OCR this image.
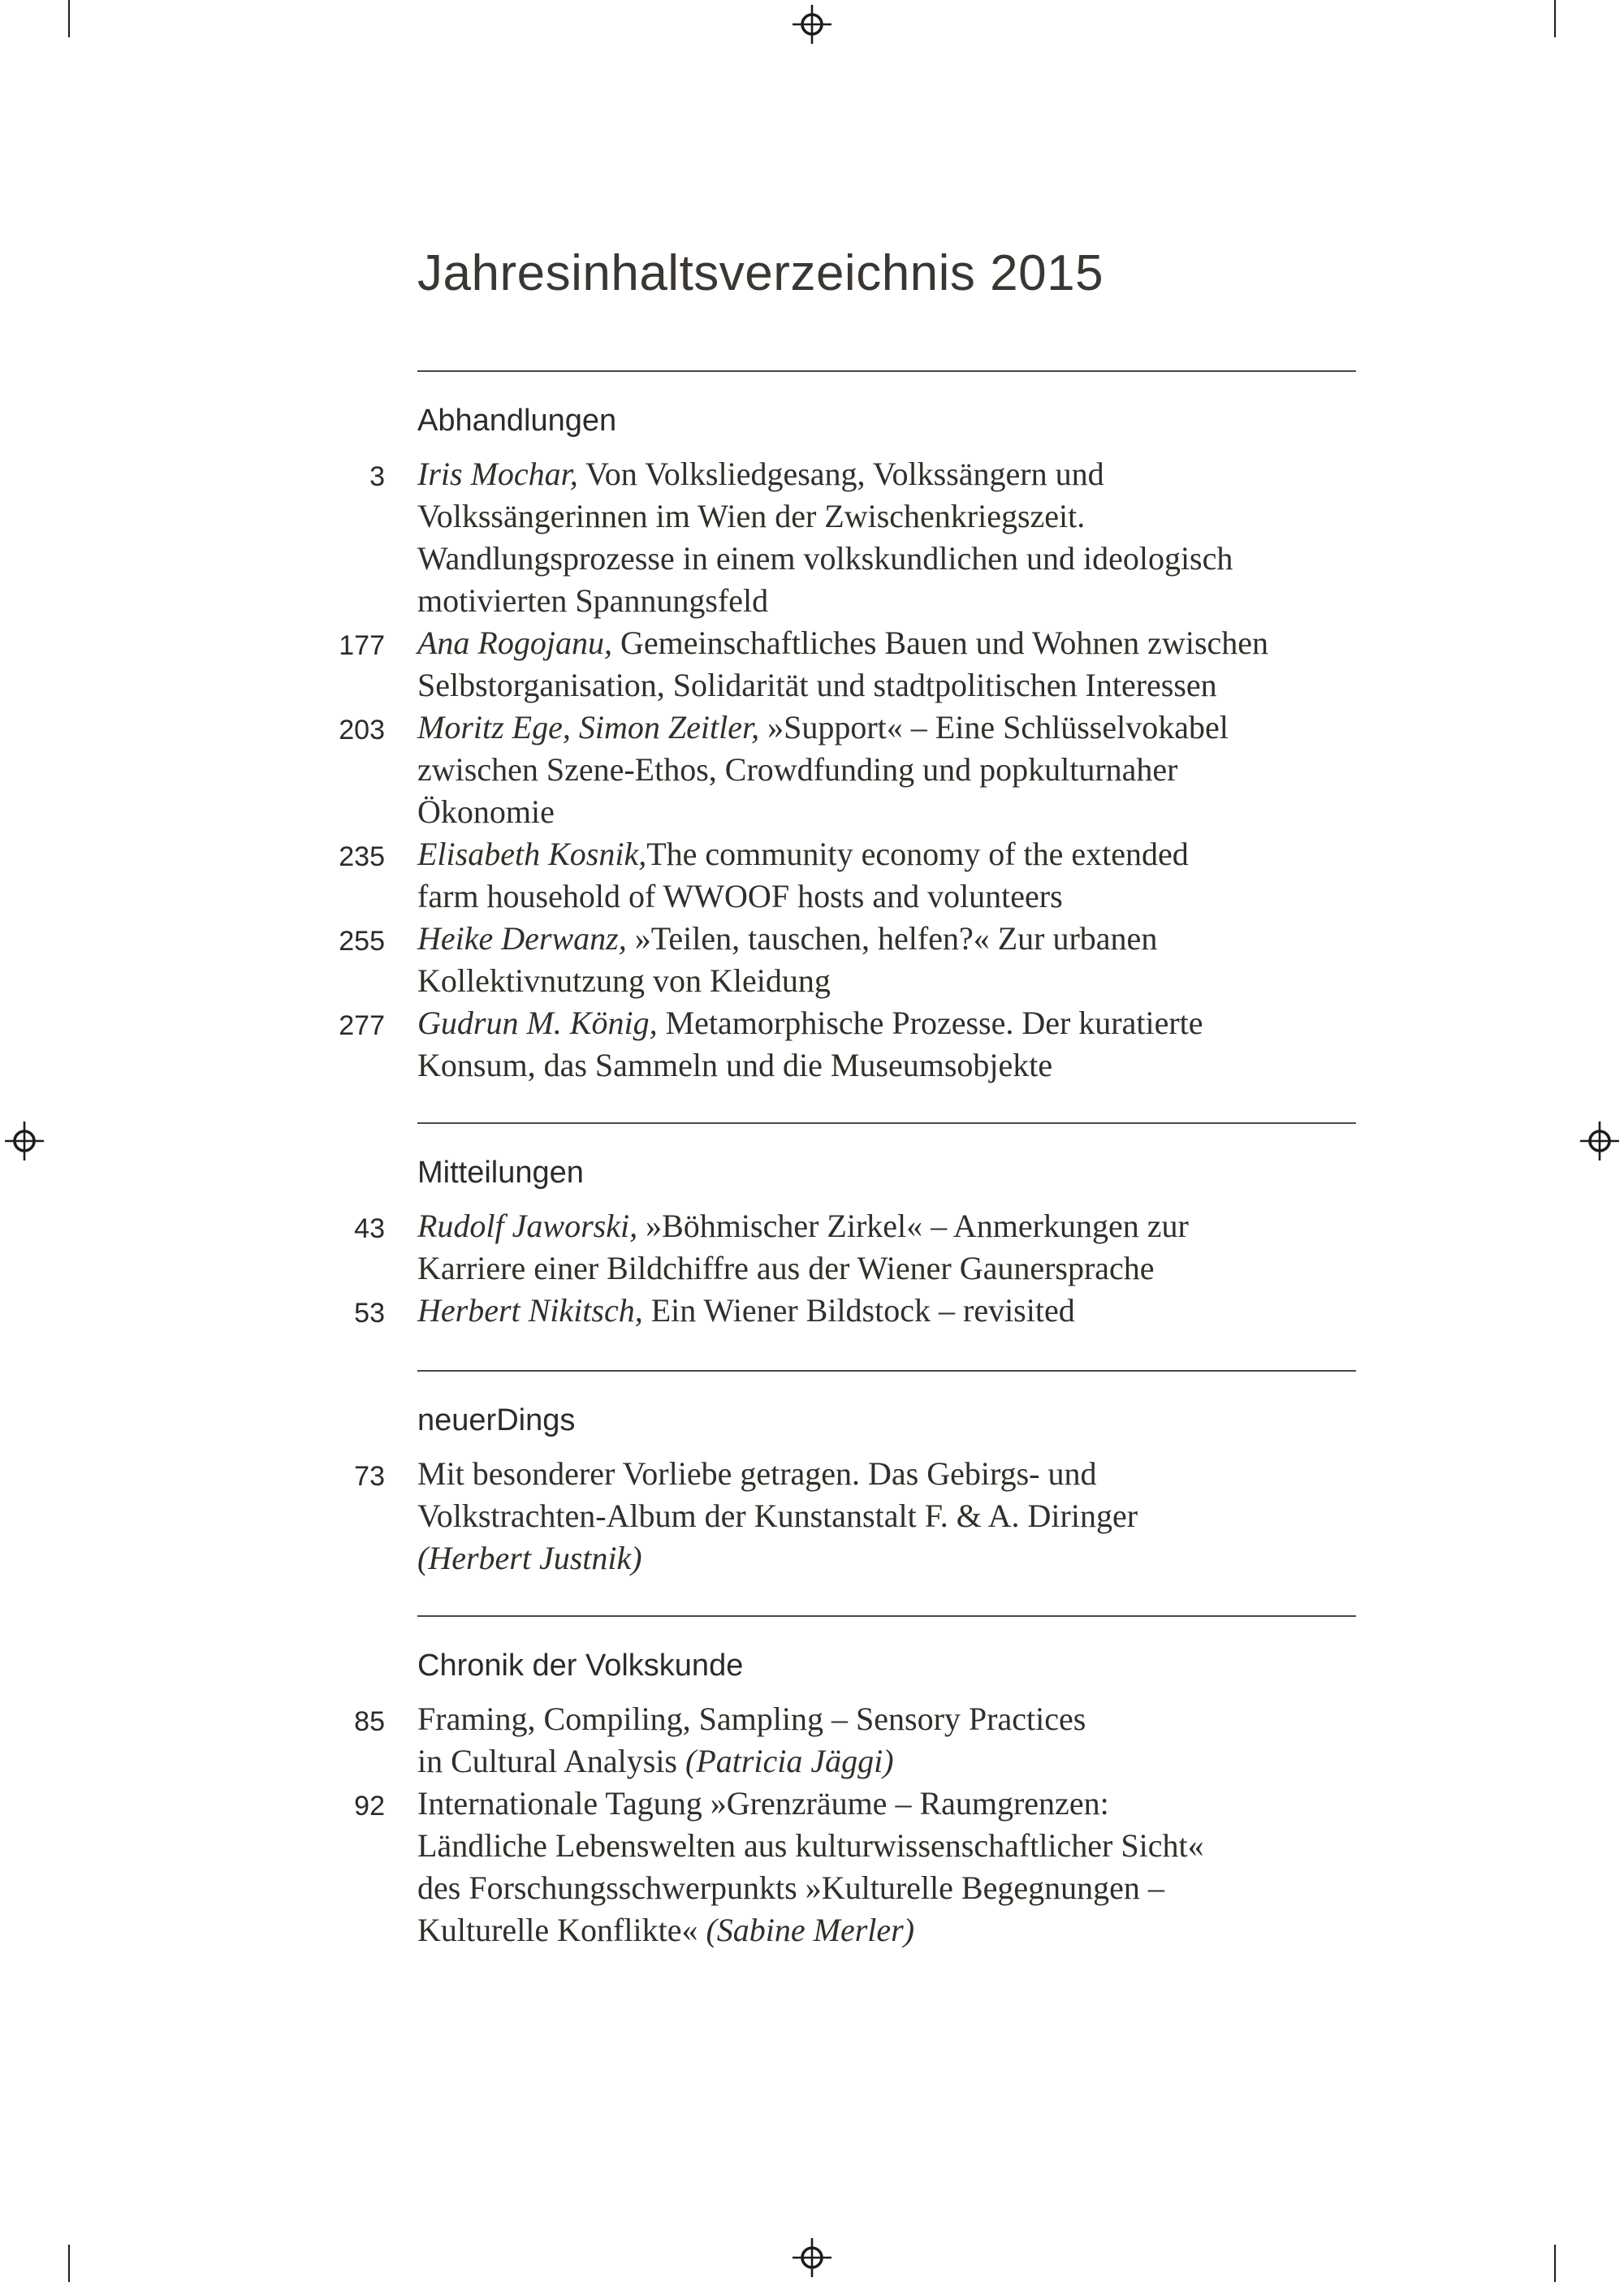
Jahresinhaltsverzeichnis 2015
Abhandlungen
3	Iris Mochar, Von Volksliedgesang, Volkssängern und
Volkssängerinnen im Wien der Zwischenkriegszeit.
Wandlungsprozesse in einem volkskundlichen und ideologisch
motivierten Spannungsfeld
177	Ana Rogojanu, Gemeinschaftliches Bauen und Wohnen zwischen
Selbstorganisation, Solidarität und stadtpolitischen Interessen
203	Moritz Ege, Simon Zeitler, »Support« – Eine Schlüsselvokabel
zwischen Szene-Ethos, Crowdfunding und popkulturnaher
Ökonomie
235	Elisabeth Kosnik,The community economy of the extended
farm household of WWOOF hosts and volunteers
255	Heike Derwanz, »Teilen, tauschen, helfen?« Zur urbanen
Kollektivnutzung von Kleidung
277	Gudrun M. König, Metamorphische Prozesse. Der kuratierte
Konsum, das Sammeln und die Museumsobjekte
Mitteilungen
43	Rudolf Jaworski, »Böhmischer Zirkel« – Anmerkungen zur
Karriere einer Bildchiffre aus der Wiener Gaunersprache
53	Herbert Nikitsch, Ein Wiener Bildstock – revisited
neuerDings
73	Mit besonderer Vorliebe getragen. Das Gebirgs- und
Volkstrachten-Album der Kunstanstalt F. & A. Diringer
(Herbert Justnik)
Chronik der Volkskunde
85	Framing, Compiling, Sampling – Sensory Practices
in Cultural Analysis (Patricia Jäggi)
92	Internationale Tagung »Grenzräume – Raumgrenzen:
Ländliche Lebenswelten aus kulturwissenschaftlicher Sicht«
des Forschungsschwerpunkts »Kulturelle Begegnungen –
Kulturelle Konflikte« (Sabine Merler)
